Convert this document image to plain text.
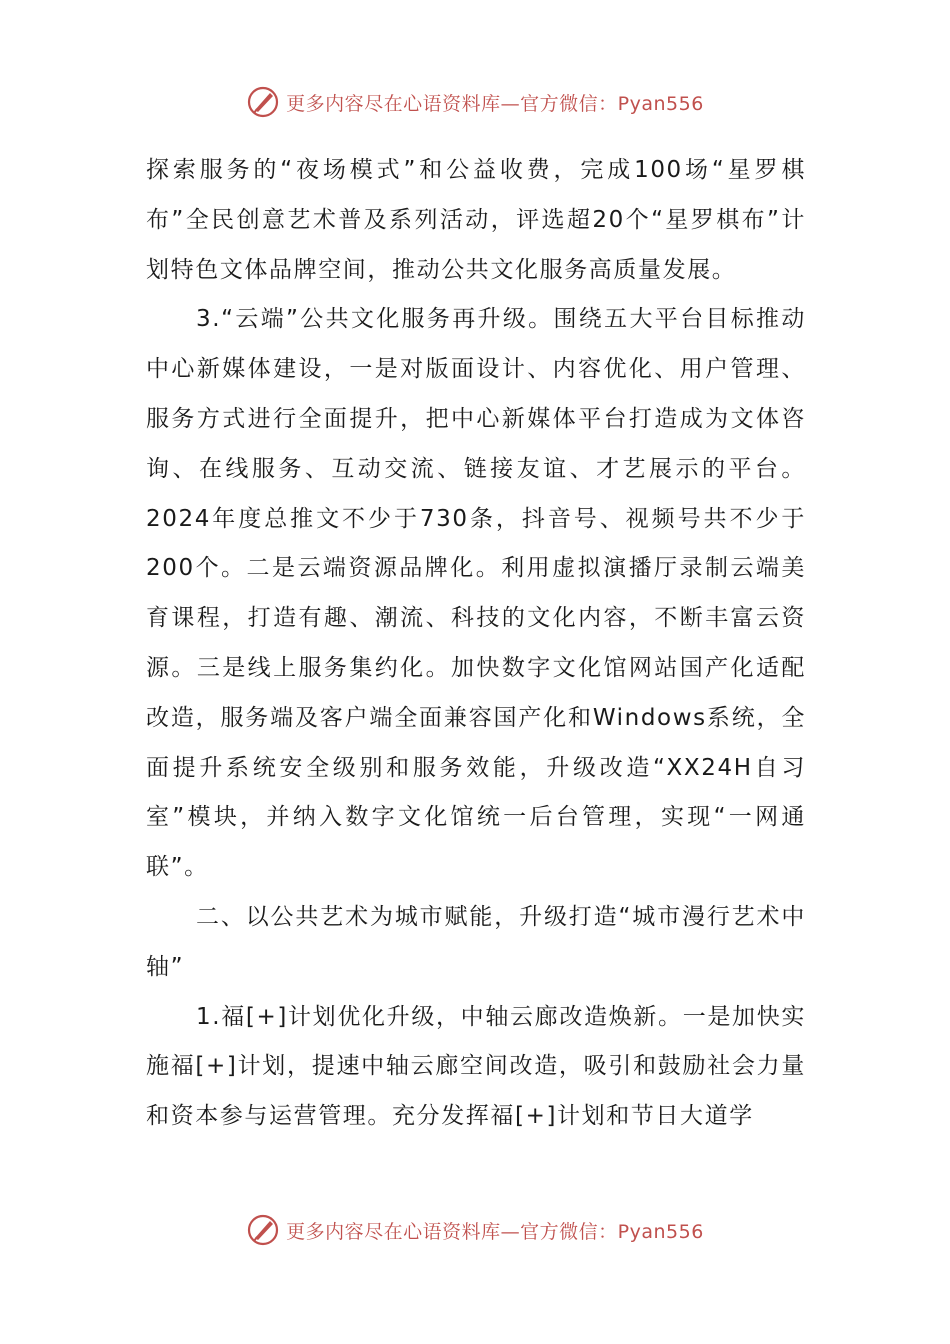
更多内容尽在心语资料库—官方微信：Pyan556

探索服务的“夜场模式”和公益收费，完成100场“星罗棋布”全民创意艺术普及系列活动，评选超20个“星罗棋布”计划特色文体品牌空间，推动公共文化服务高质量发展。

3.“云端”公共文化服务再升级。围绕五大平台目标推动中心新媒体建设，一是对版面设计、内容优化、用户管理、服务方式进行全面提升，把中心新媒体平台打造成为文体咨询、在线服务、互动交流、链接友谊、才艺展示的平台。2024年度总推文不少于730条，抖音号、视频号共不少于200个。二是云端资源品牌化。利用虚拟演播厅录制云端美育课程，打造有趣、潮流、科技的文化内容，不断丰富云资源。三是线上服务集约化。加快数字文化馆网站国产化适配改造，服务端及客户端全面兼容国产化和Windows系统，全面提升系统安全级别和服务效能，升级改造“XX24H自习室”模块，并纳入数字文化馆统一后台管理，实现“一网通联”。

二、以公共艺术为城市赋能，升级打造“城市漫行艺术中轴”

1.福[+]计划优化升级，中轴云廊改造焕新。一是加快实施福[+]计划，提速中轴云廊空间改造，吸引和鼓励社会力量和资本参与运营管理。充分发挥福[+]计划和节日大道学

更多内容尽在心语资料库—官方微信：Pyan556
